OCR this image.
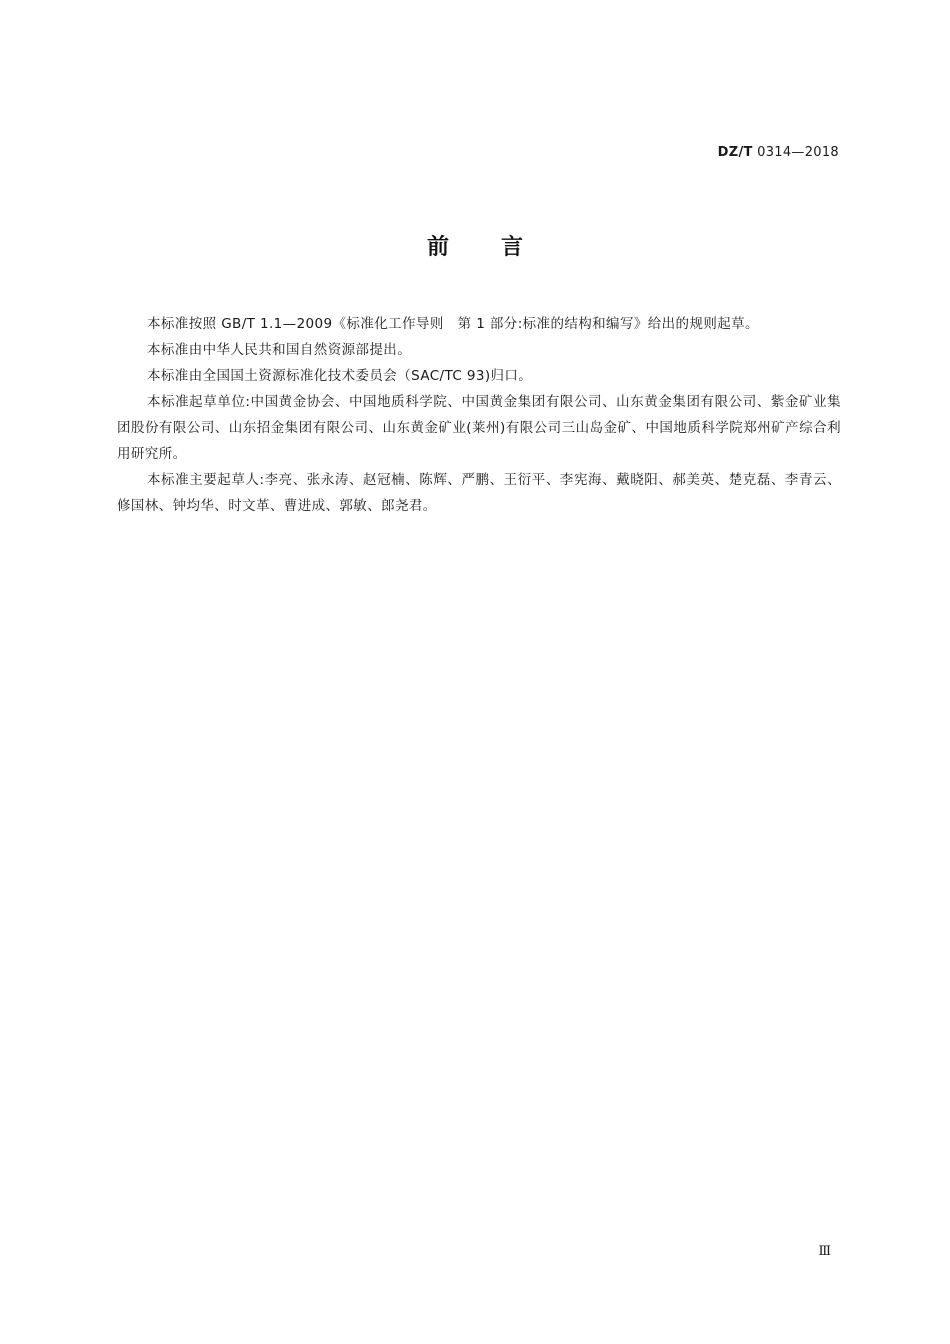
DZ/T 0314—2018
前言

本标准按照 GB/T 1.1—2009《标准化工作导则　第 1 部分:标准的结构和编写》给出的规则起草。

本标准由中华人民共和国自然资源部提出。

本标准由全国国土资源标准化技术委员会（SAC/TC 93)归口。

本标准起草单位:中国黄金协会、中国地质科学院、中国黄金集团有限公司、山东黄金集团有限公司、紫金矿业集团股份有限公司、山东招金集团有限公司、山东黄金矿业(莱州)有限公司三山岛金矿、中国地质科学院郑州矿产综合利用研究所。

本标准主要起草人:李亮、张永涛、赵冠楠、陈辉、严鹏、王衍平、李宪海、戴晓阳、郝美英、楚克磊、李青云、修国林、钟均华、时文革、曹进成、郭敏、郎尧君。

Ⅲ
